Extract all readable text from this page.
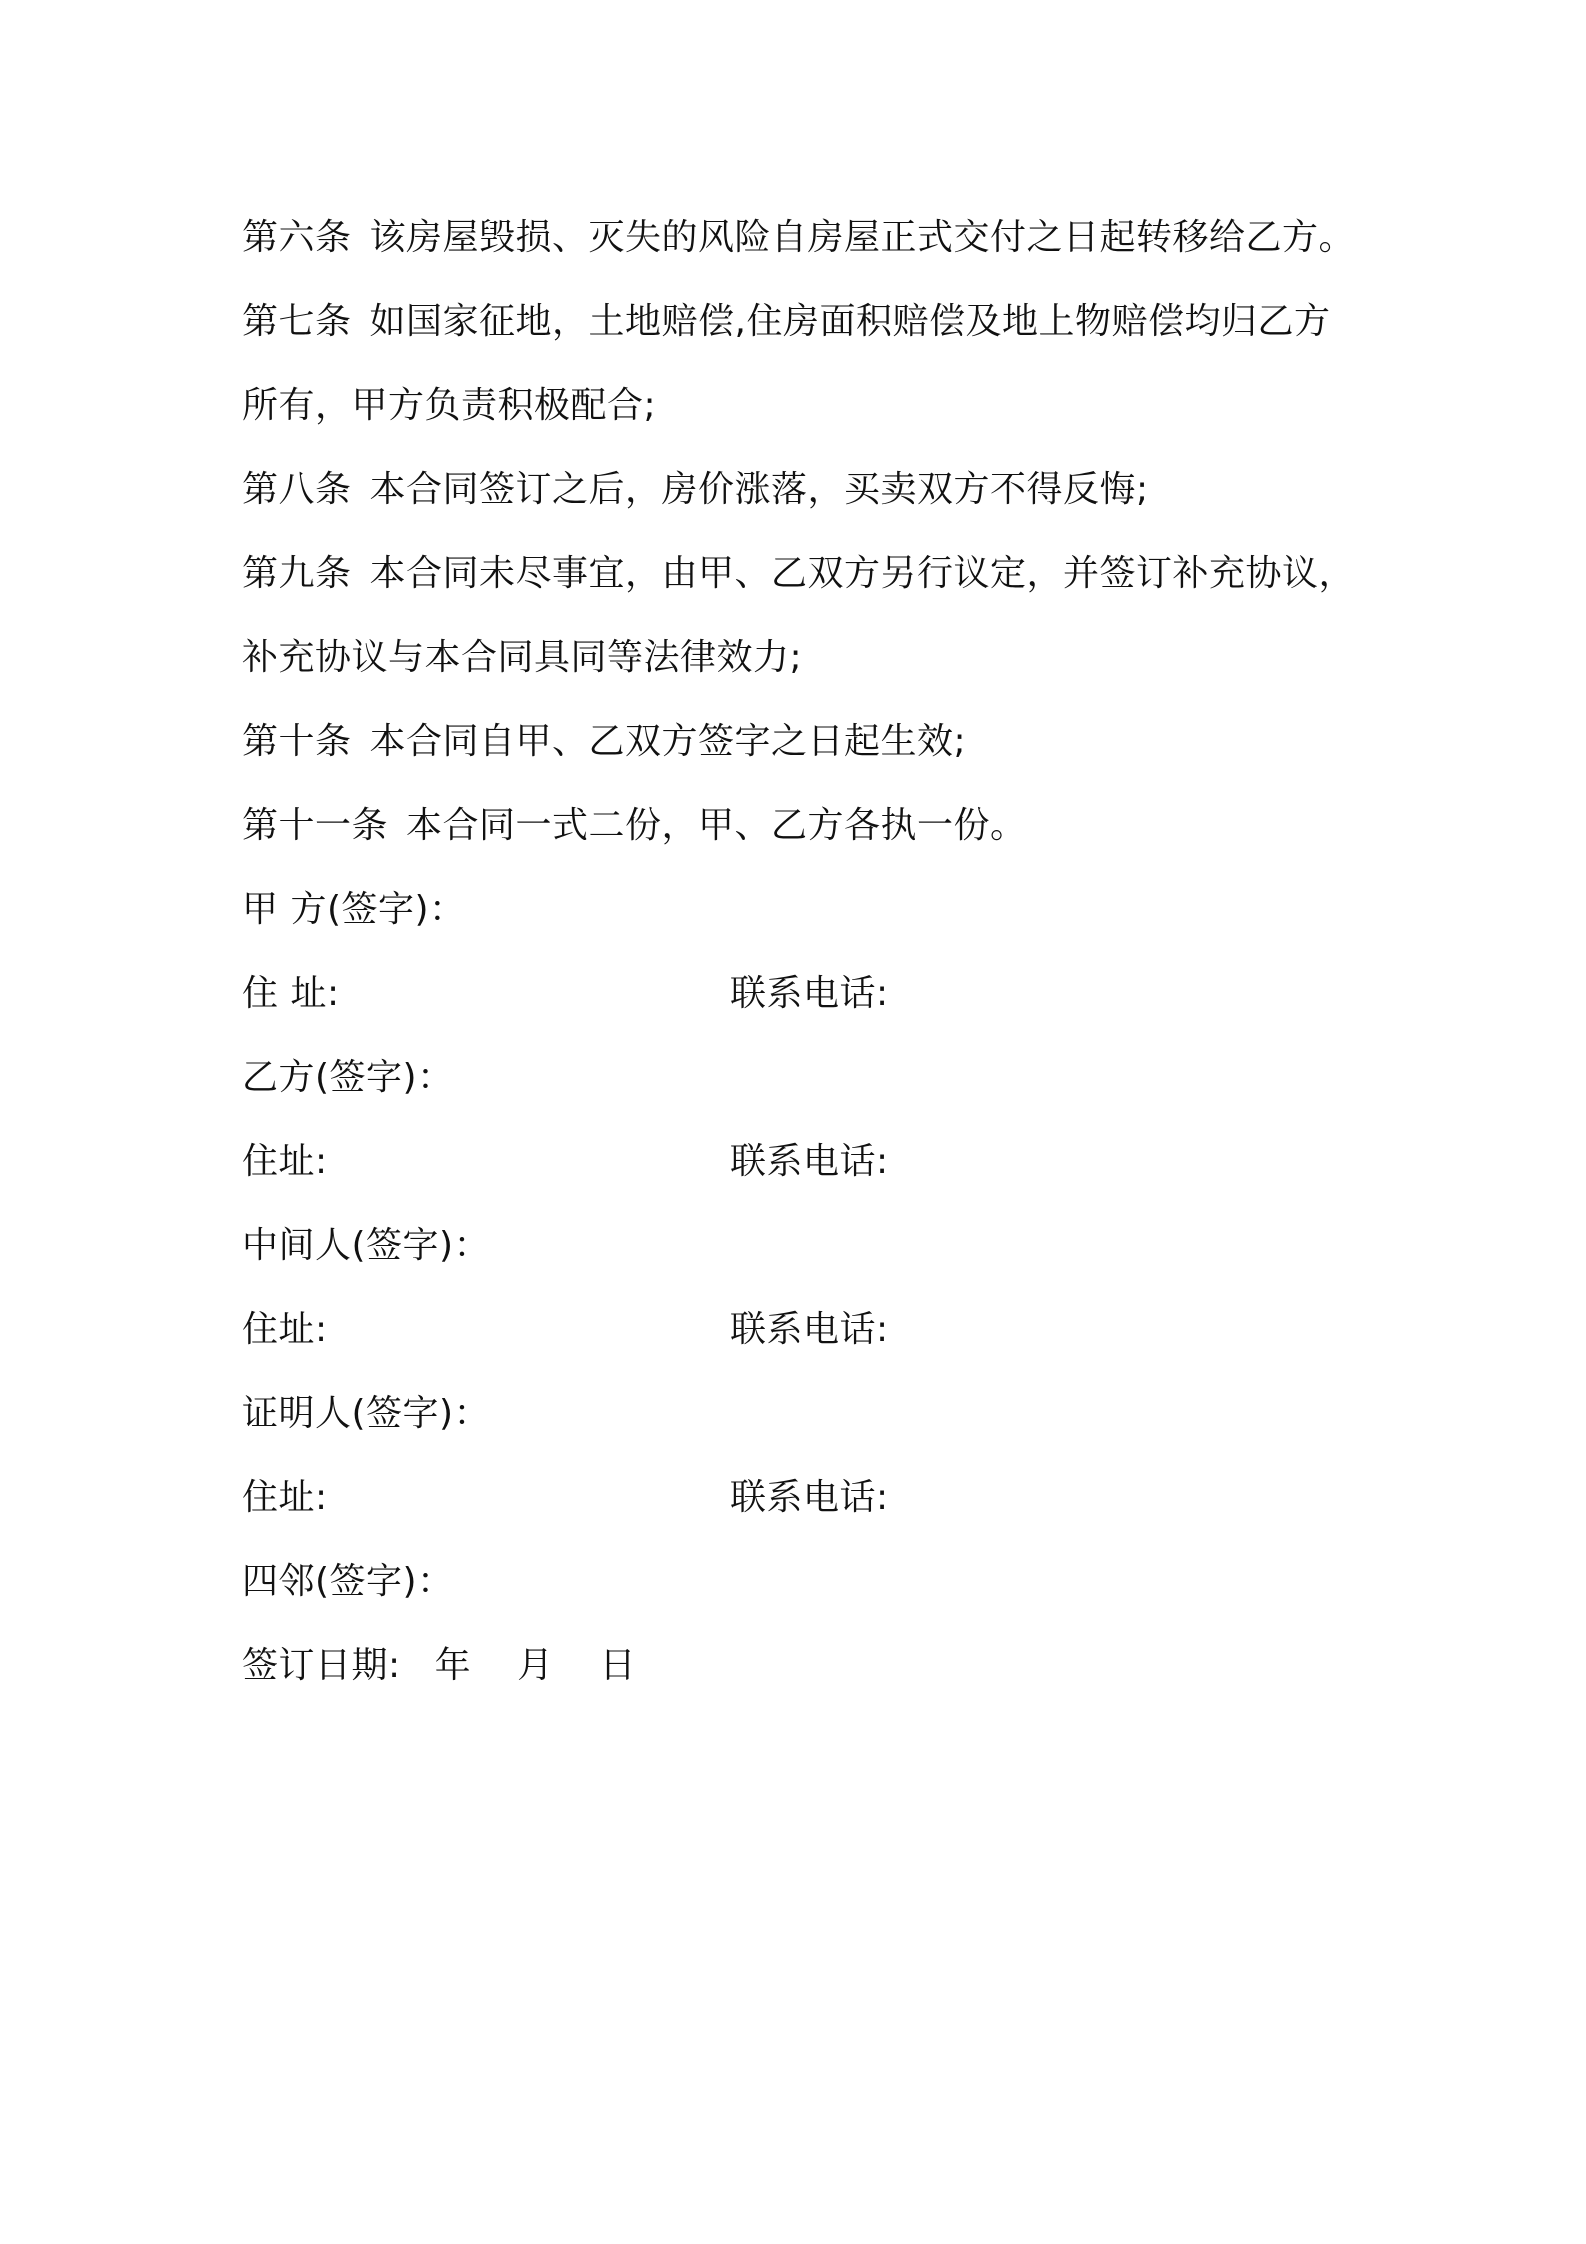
第六条 该房屋毁损、灭失的风险自房屋正式交付之日起转移给乙方。
第七条 如国家征地，土地赔偿,住房面积赔偿及地上物赔偿均归乙方
所有，甲方负责积极配合;
第八条 本合同签订之后，房价涨落，买卖双方不得反悔;
第九条 本合同未尽事宜，由甲、乙双方另行议定，并签订补充协议，
补充协议与本合同具同等法律效力;
第十条 本合同自甲、乙双方签字之日起生效;
第十一条 本合同一式二份，甲、乙方各执一份。
甲 方(签字)：
住 址:	联系电话:
乙方(签字)：
住址:	联系电话:
中间人(签字)：
住址:	联系电话:
证明人(签字)：
住址:	联系电话:
四邻(签字)：
签订日期: 年 月 日
